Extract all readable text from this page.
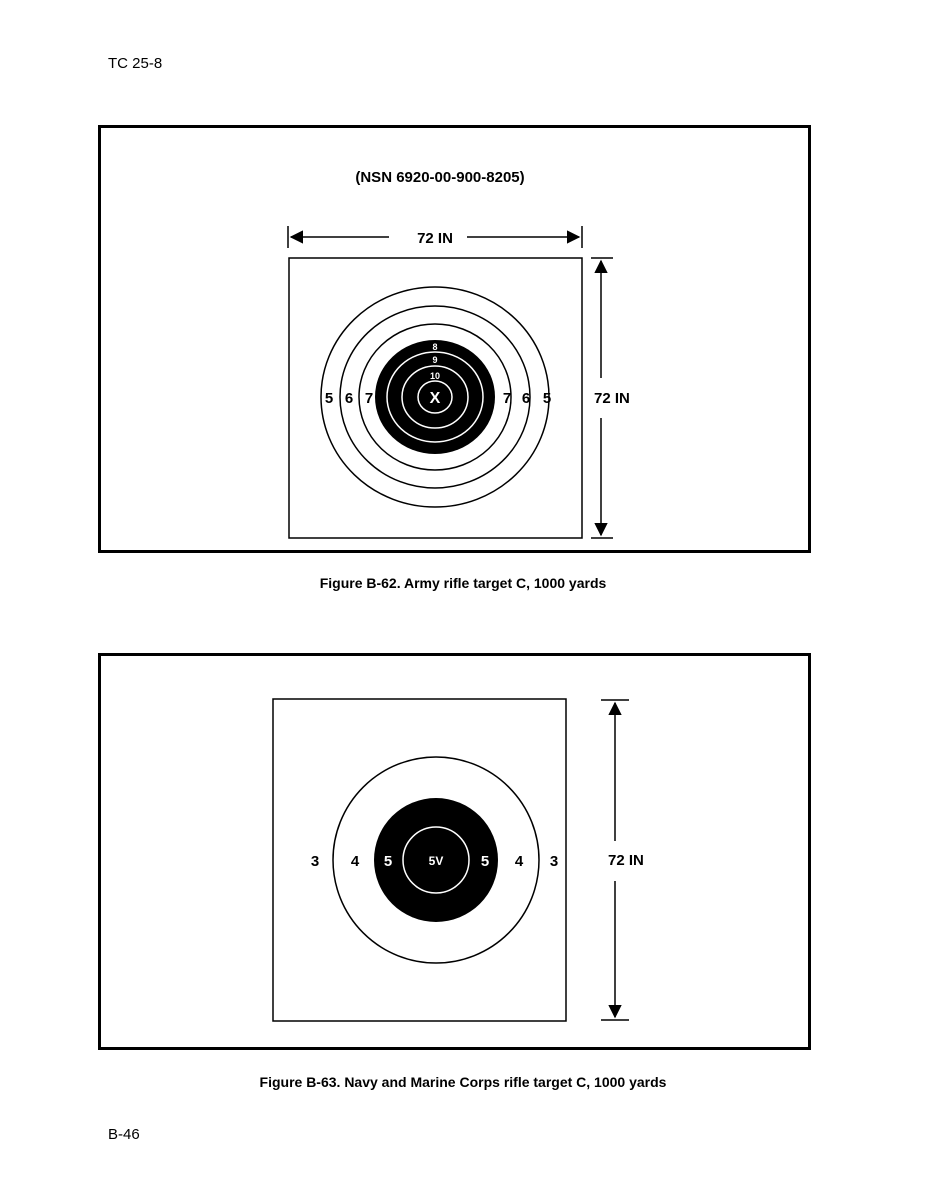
TC 25-8
(NSN 6920-00-900-8205)
72 IN
72 IN
5 6 7	7 6 5
8
9
10
X
Figure B-62. Army rifle target C, 1000 yards
72 IN
3 4 5	5 4 3
5V
Figure B-63. Navy and Marine Corps rifle target C, 1000 yards
B-46
